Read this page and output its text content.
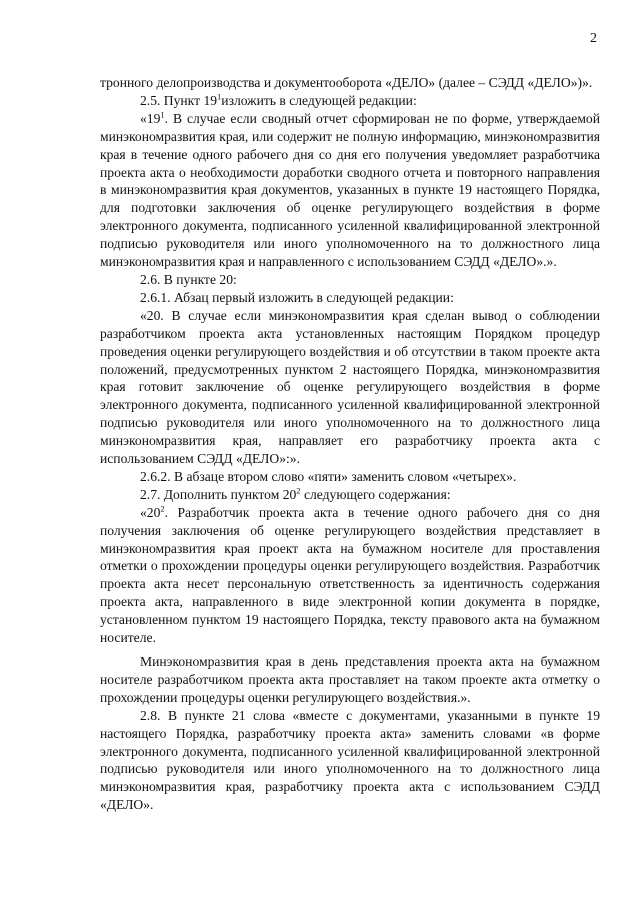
2

тронного делопроизводства и документооборота «ДЕЛО» (далее – СЭДД «ДЕЛО»)».

2.5. Пункт $19^1изложить$ в следующей редакции:

«$19^1$. В случае если сводный отчет сформирован не по форме, утверждаемой минэкономразвития края, или содержит не полную информацию, минэкономразвития края в течение одного рабочего дня со дня его получения уведомляет разработчика проекта акта о необходимости доработки сводного отчета и повторного направления в минэкономразвития края документов, указанных в пункте 19 настоящего Порядка, для подготовки заключения об оценке регулирующего воздействия в форме электронного документа, подписанного усиленной квалифицированной электронной подписью руководителя или иного уполномоченного на то должностного лица минэкономразвития края и направленного с использованием СЭДД «ДЕЛО».».

2.6. В пункте 20:

2.6.1. Абзац первый изложить в следующей редакции:

«20. В случае если минэкономразвития края сделан вывод о соблюдении разработчиком проекта акта установленных настоящим Порядком процедур проведения оценки регулирующего воздействия и об отсутствии в таком проекте акта положений, предусмотренных пунктом 2 настоящего Порядка, минэкономразвития края готовит заключение об оценке регулирующего воздействия в форме электронного документа, подписанного усиленной квалифицированной электронной подписью руководителя или иного уполномоченного на то должностного лица минэкономразвития края, направляет его разработчику проекта акта с использованием СЭДД «ДЕЛО»:».

2.6.2. В абзаце втором слово «пяти» заменить словом «четырех».

2.7. Дополнить пунктом $20^2$ следующего содержания:

«$20^2$. Разработчик проекта акта в течение одного рабочего дня со дня получения заключения об оценке регулирующего воздействия представляет в минэкономразвития края проект акта на бумажном носителе для проставления отметки о прохождении процедуры оценки регулирующего воздействия. Разработчик проекта акта несет персональную ответственность за идентичность содержания проекта акта, направленного в виде электронной копии документа в порядке, установленном пунктом 19 настоящего Порядка, тексту правового акта на бумажном носителе.

Минэкономразвития края в день представления проекта акта на бумажном носителе разработчиком проекта акта проставляет на таком проекте акта отметку о прохождении процедуры оценки регулирующего воздействия.».

2.8. В пункте 21 слова «вместе с документами, указанными в пункте 19 настоящего Порядка, разработчику проекта акта» заменить словами «в форме электронного документа, подписанного усиленной квалифицированной электронной подписью руководителя или иного уполномоченного на то должностного лица минэкономразвития края, разработчику проекта акта с использованием СЭДД «ДЕЛО».
